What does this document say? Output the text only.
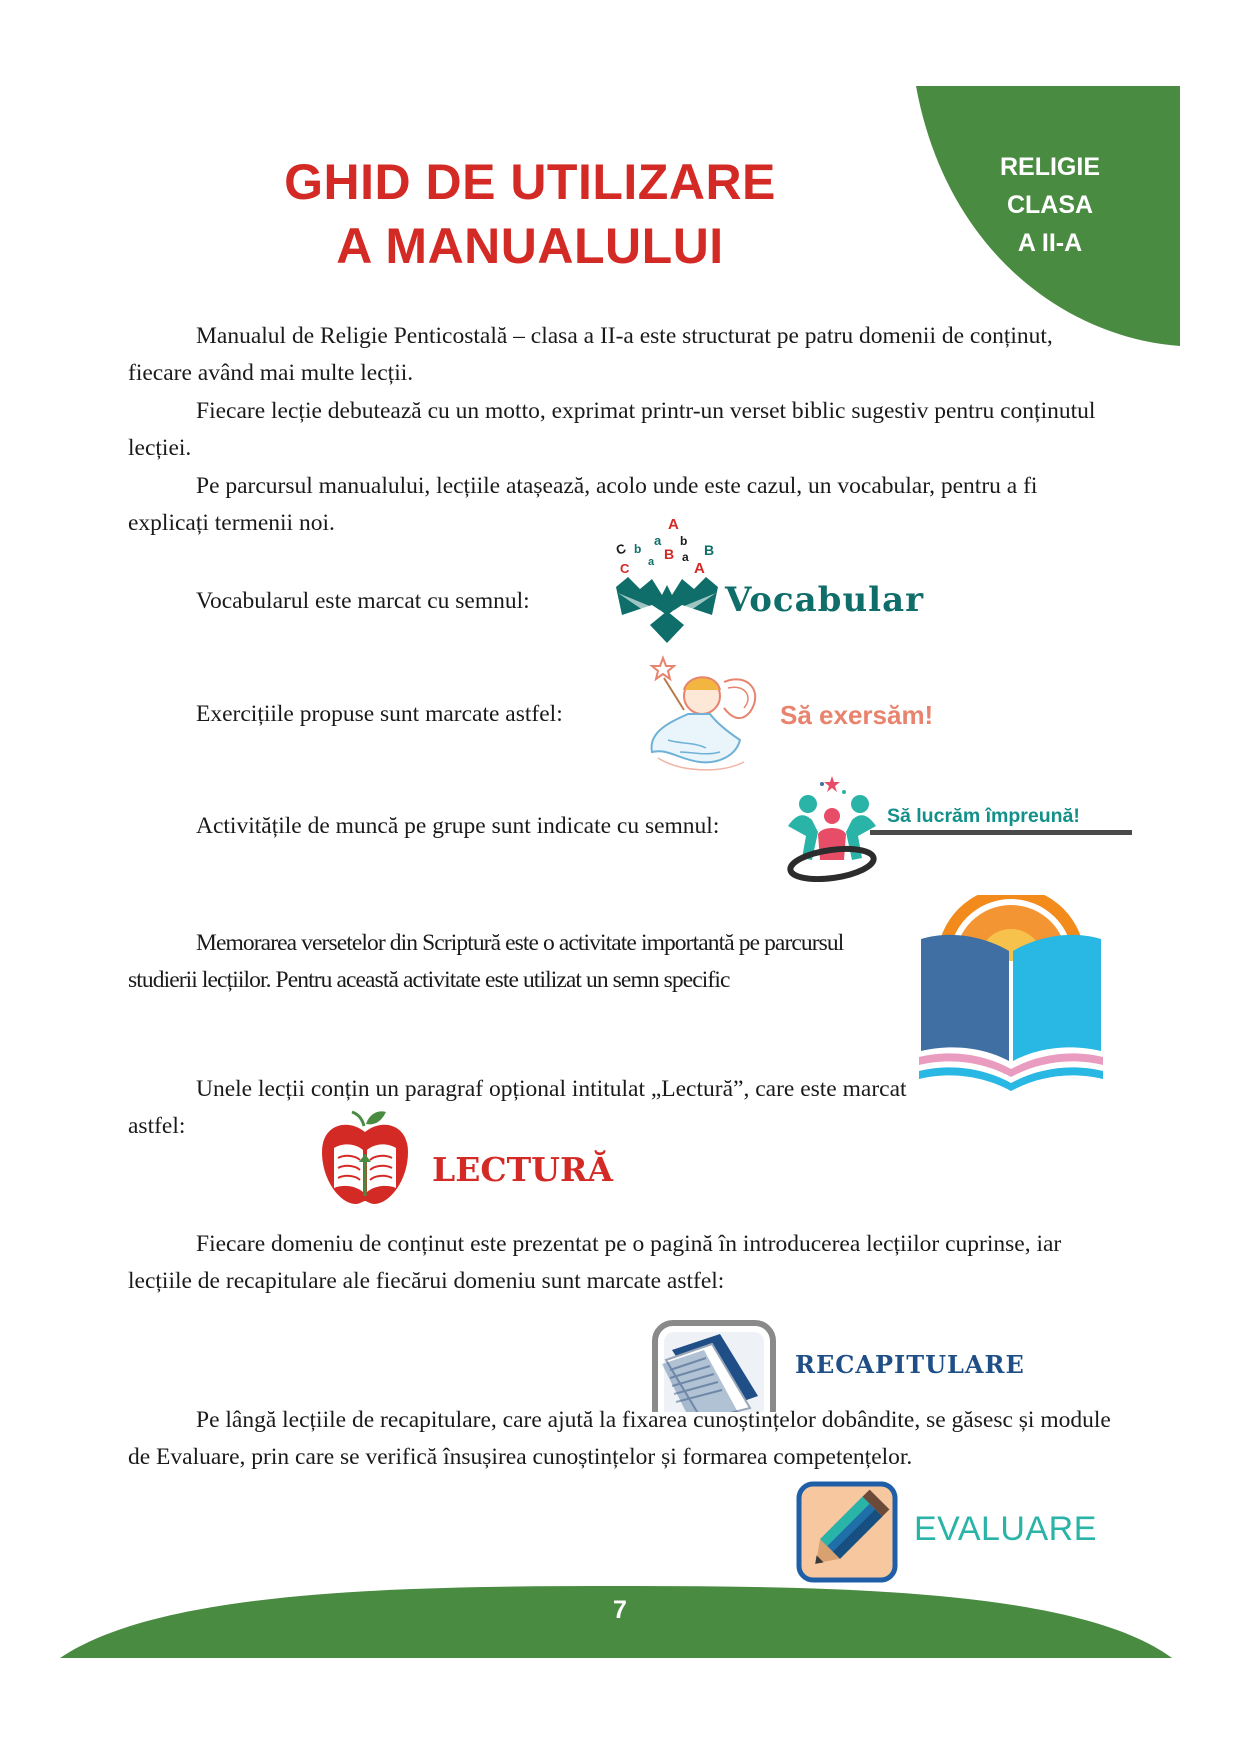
RELIGIE
CLASA
A II-A
GHID DE UTILIZARE
A MANUALULUI
Manualul de Religie Penticostală – clasa a II-a este structurat pe patru domenii de conținut, fiecare având mai multe lecții.
Fiecare lecție debutează cu un motto, exprimat printr-un verset biblic sugestiv pentru conținutul lecției.
Pe parcursul manualului, lecțiile atașează, acolo unde este cazul, un vocabular, pentru a fi explicați termenii noi.
Vocabularul este marcat cu semnul:
A
C b
a
B
C
b
a B
A
a
Vocabular
Exercițiile propuse sunt marcate astfel:	Să exersăm!
Activitățile de muncă pe grupe sunt indicate cu semnul:	Să lucrăm împreună!
Memorarea versetelor din Scriptură este o activitate importantă pe parcursul studierii lecțiilor. Pentru această activitate este utilizat un semn specific
Unele lecții conțin un paragraf opțional intitulat „Lectură”, care este marcat astfel:
LECTURĂ
Fiecare domeniu de conținut este prezentat pe o pagină în introducerea lecțiilor cuprinse, iar lecțiile de recapitulare ale fiecărui domeniu sunt marcate astfel:
RECAPITULARE
Pe lângă lecțiile de recapitulare, care ajută la fixarea cunoștințelor dobândite, se găsesc și module de Evaluare, prin care se verifică însușirea cunoștințelor și formarea competențelor.
EVALUARE
7
